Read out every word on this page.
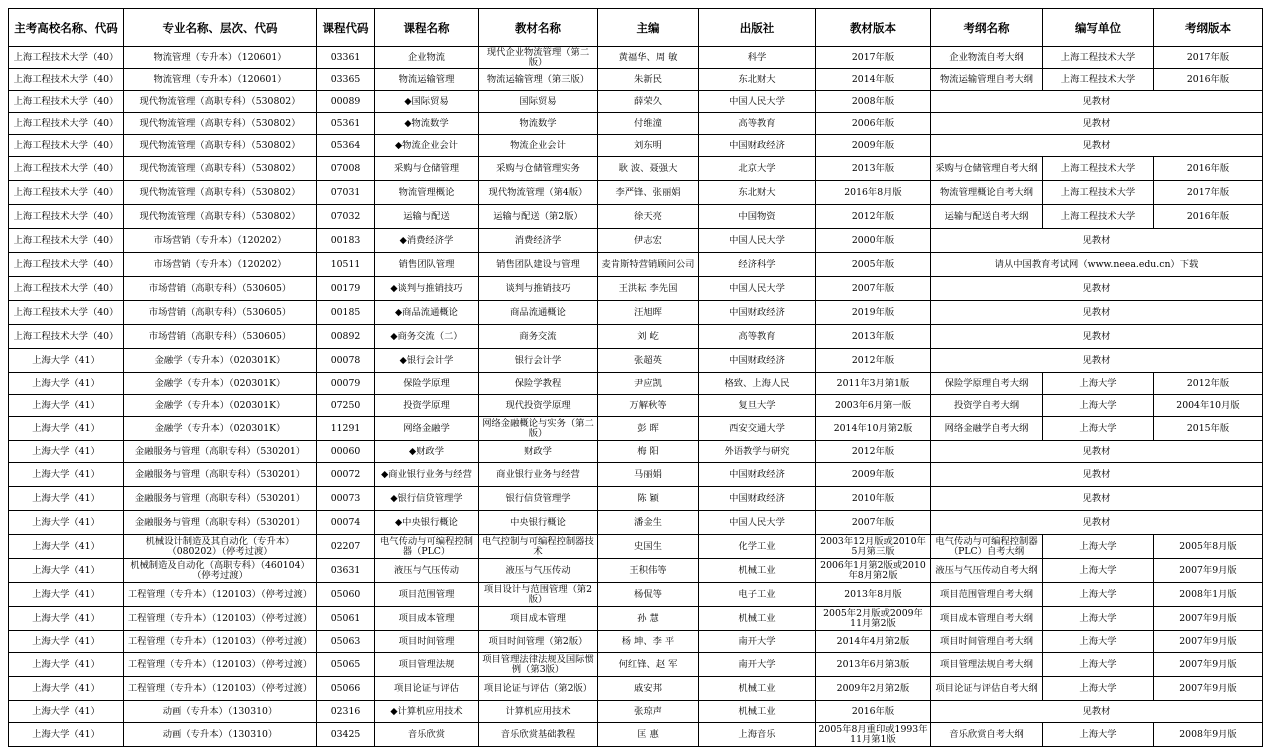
主考高校名称、代码	专业名称、层次、代码	课程代码	课程名称	教材名称	主编	出版社	教材版本	考纲名称	编写单位	考纲版本
上海工程技术大学（40）	物流管理（专升本）（120601）	03361	企业物流	现代企业物流管理（第二版）	黄福华、周 敏	科学	2017年版	企业物流自考大纲	上海工程技术大学	2017年版
上海工程技术大学（40）	物流管理（专升本）（120601）	03365	物流运输管理	物流运输管理（第三版）	朱新民	东北财大	2014年版	物流运输管理自考大纲	上海工程技术大学	2016年版
上海工程技术大学（40）	现代物流管理（高职专科）（530802）	00089	◆国际贸易	国际贸易	薛荣久	中国人民大学	2008年版	见教材		
上海工程技术大学（40）	现代物流管理（高职专科）（530802）	05361	◆物流数学	物流数学	付维潼	高等教育	2006年版	见教材		
上海工程技术大学（40）	现代物流管理（高职专科）（530802）	05364	◆物流企业会计	物流企业会计	刘东明	中国财政经济	2009年版	见教材		
上海工程技术大学（40）	现代物流管理（高职专科）（530802）	07008	采购与仓储管理	采购与仓储管理实务	耿 波、聂强大	北京大学	2013年版	采购与仓储管理自考大纲	上海工程技术大学	2016年版
上海工程技术大学（40）	现代物流管理（高职专科）（530802）	07031	物流管理概论	现代物流管理（第4版）	李严锋、张丽娟	东北财大	2016年8月版	物流管理概论自考大纲	上海工程技术大学	2017年版
上海工程技术大学（40）	现代物流管理（高职专科）（530802）	07032	运输与配送	运输与配送（第2版）	徐天亮	中国物资	2012年版	运输与配送自考大纲	上海工程技术大学	2016年版
上海工程技术大学（40）	市场营销（专升本）（120202）	00183	◆消费经济学	消费经济学	伊志宏	中国人民大学	2000年版	见教材		
上海工程技术大学（40）	市场营销（专升本）（120202）	10511	销售团队管理	销售团队建设与管理	麦肯斯特营销顾问公司	经济科学	2005年版	请从中国教育考试网（www.neea.edu.cn）下载		
上海工程技术大学（40）	市场营销（高职专科）（530605）	00179	◆谈判与推销技巧	谈判与推销技巧	王洪耘 李先国	中国人民大学	2007年版	见教材		
上海工程技术大学（40）	市场营销（高职专科）（530605）	00185	◆商品流通概论	商品流通概论	汪旭晖	中国财政经济	2019年版	见教材		
上海工程技术大学（40）	市场营销（高职专科）（530605）	00892	◆商务交流（二）	商务交流	刘 屹	高等教育	2013年版	见教材		
上海大学（41）	金融学（专升本）（020301K）	00078	◆银行会计学	银行会计学	张超英	中国财政经济	2012年版	见教材		
上海大学（41）	金融学（专升本）（020301K）	00079	保险学原理	保险学教程	尹应凯	格致、上海人民	2011年3月第1版	保险学原理自考大纲	上海大学	2012年版
上海大学（41）	金融学（专升本）（020301K）	07250	投资学原理	现代投资学原理	万解秋等	复旦大学	2003年6月第一版	投资学自考大纲	上海大学	2004年10月版
上海大学（41）	金融学（专升本）（020301K）	11291	网络金融学	网络金融概论与实务（第二版）	彭 晖	西安交通大学	2014年10月第2版	网络金融学自考大纲	上海大学	2015年版
上海大学（41）	金融服务与管理（高职专科）（530201）	00060	◆财政学	财政学	梅 阳	外语教学与研究	2012年版	见教材		
上海大学（41）	金融服务与管理（高职专科）（530201）	00072	◆商业银行业务与经营	商业银行业务与经营	马丽娟	中国财政经济	2009年版	见教材		
上海大学（41）	金融服务与管理（高职专科）（530201）	00073	◆银行信贷管理学	银行信贷管理学	陈 颖	中国财政经济	2010年版	见教材		
上海大学（41）	金融服务与管理（高职专科）（530201）	00074	◆中央银行概论	中央银行概论	潘金生	中国人民大学	2007年版	见教材		
上海大学（41）	机械设计制造及其自动化（专升本）（080202）（停考过渡）	02207	电气传动与可编程控制器（PLC）	电气控制与可编程控制器技术	史国生	化学工业	2003年12月版或2010年5月第三版	电气传动与可编程控制器（PLC）自考大纲	上海大学	2005年8月版
上海大学（41）	机械制造及自动化（高职专科）（460104）（停考过渡）	03631	液压与气压传动	液压与气压传动	王积伟等	机械工业	2006年1月第2版或2010年8月第2版	液压与气压传动自考大纲	上海大学	2007年9月版
上海大学（41）	工程管理（专升本）（120103）（停考过渡）	05060	项目范围管理	项目设计与范围管理（第2版）	杨侃等	电子工业	2013年8月版	项目范围管理自考大纲	上海大学	2008年1月版
上海大学（41）	工程管理（专升本）（120103）（停考过渡）	05061	项目成本管理	项目成本管理	孙 慧	机械工业	2005年2月版或2009年11月第2版	项目成本管理自考大纲	上海大学	2007年9月版
上海大学（41）	工程管理（专升本）（120103）（停考过渡）	05063	项目时间管理	项目时间管理（第2版）	杨 坤、李 平	南开大学	2014年4月第2版	项目时间管理自考大纲	上海大学	2007年9月版
上海大学（41）	工程管理（专升本）（120103）（停考过渡）	05065	项目管理法规	项目管理法律法规及国际惯例（第3版）	何红锋、赵 军	南开大学	2013年6月第3版	项目管理法规自考大纲	上海大学	2007年9月版
上海大学（41）	工程管理（专升本）（120103）（停考过渡）	05066	项目论证与评估	项目论证与评估（第2版）	戚安邦	机械工业	2009年2月第2版	项目论证与评估自考大纲	上海大学	2007年9月版
上海大学（41）	动画（专升本）（130310）	02316	◆计算机应用技术	计算机应用技术	张琼声	机械工业	2016年版	见教材		
上海大学（41）	动画（专升本）（130310）	03425	音乐欣赏	音乐欣赏基础教程	匡 惠	上海音乐	2005年8月重印或1993年11月第1版	音乐欣赏自考大纲	上海大学	2008年9月版
